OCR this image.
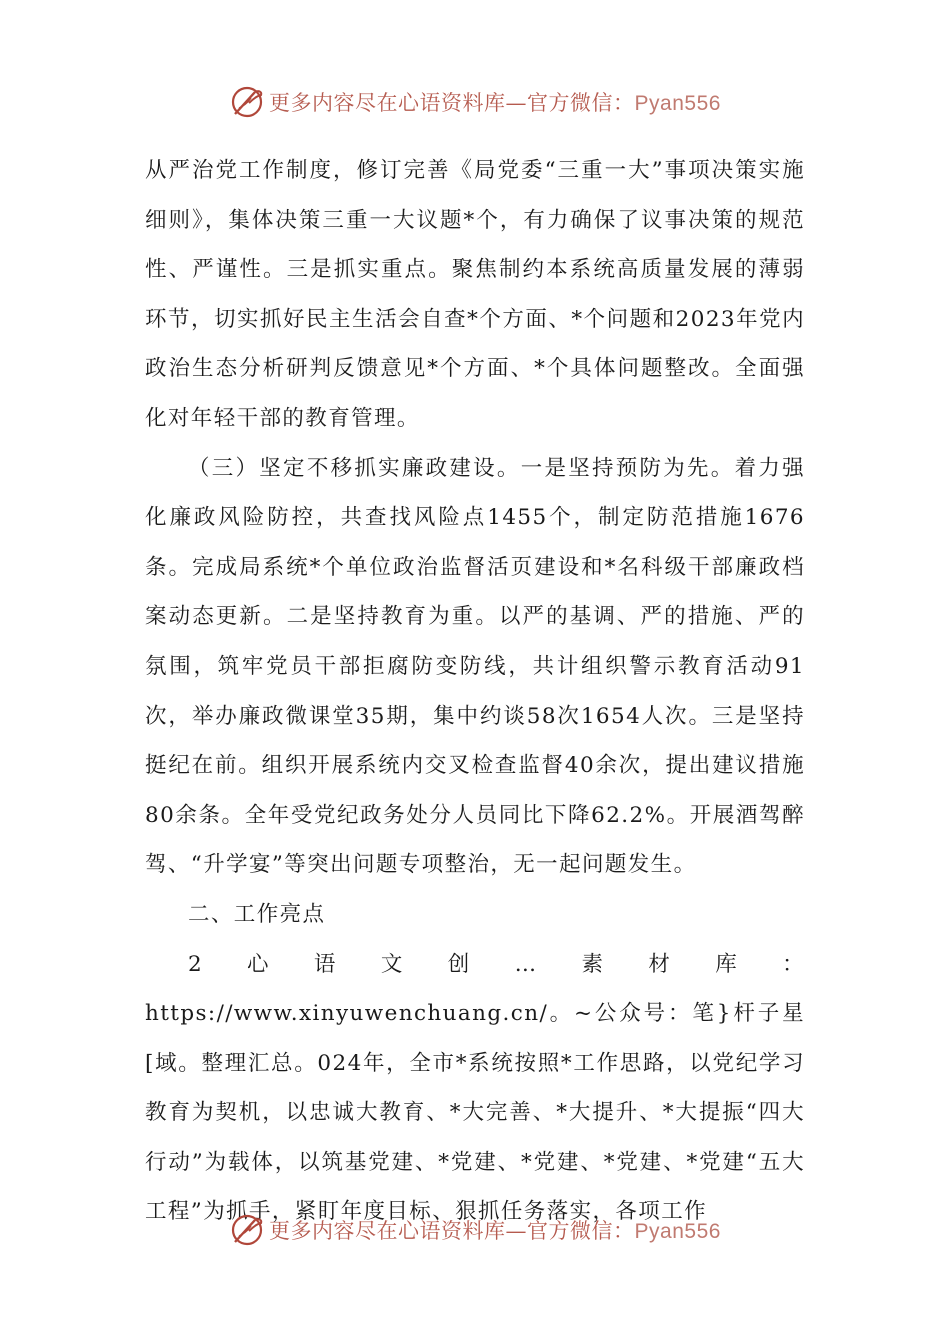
更多内容尽在心语资料库—官方微信：Pyan556

从严治党工作制度，修订完善《局党委“三重一大”事项决策实施细则》，集体决策三重一大议题*个，有力确保了议事决策的规范性、严谨性。三是抓实重点。聚焦制约本系统高质量发展的薄弱环节，切实抓好民主生活会自查*个方面、*个问题和2023年党内政治生态分析研判反馈意见*个方面、*个具体问题整改。全面强化对年轻干部的教育管理。

（三）坚定不移抓实廉政建设。一是坚持预防为先。着力强化廉政风险防控，共查找风险点1455个，制定防范措施1676条。完成局系统*个单位政治监督活页建设和*名科级干部廉政档案动态更新。二是坚持教育为重。以严的基调、严的措施、严的氛围，筑牢党员干部拒腐防变防线，共计组织警示教育活动91次，举办廉政微课堂35期，集中约谈58次1654人次。三是坚持挺纪在前。组织开展系统内交叉检查监督40余次，提出建议措施80余条。全年受党纪政务处分人员同比下降62.2%。开展酒驾醉驾、“升学宴”等突出问题专项整治，无一起问题发生。

二、工作亮点

2心语文创…素材库：https://www.xinyuwenchuang.cn/。~公众号：笔}杆子星[域。整理汇总。024年，全市*系统按照*工作思路，以党纪学习教育为契机，以忠诚大教育、*大完善、*大提升、*大提振“四大行动”为载体，以筑基党建、*党建、*党建、*党建、*党建“五大工程”为抓手，紧盯年度目标、狠抓任务落实，各项工作

更多内容尽在心语资料库—官方微信：Pyan556
